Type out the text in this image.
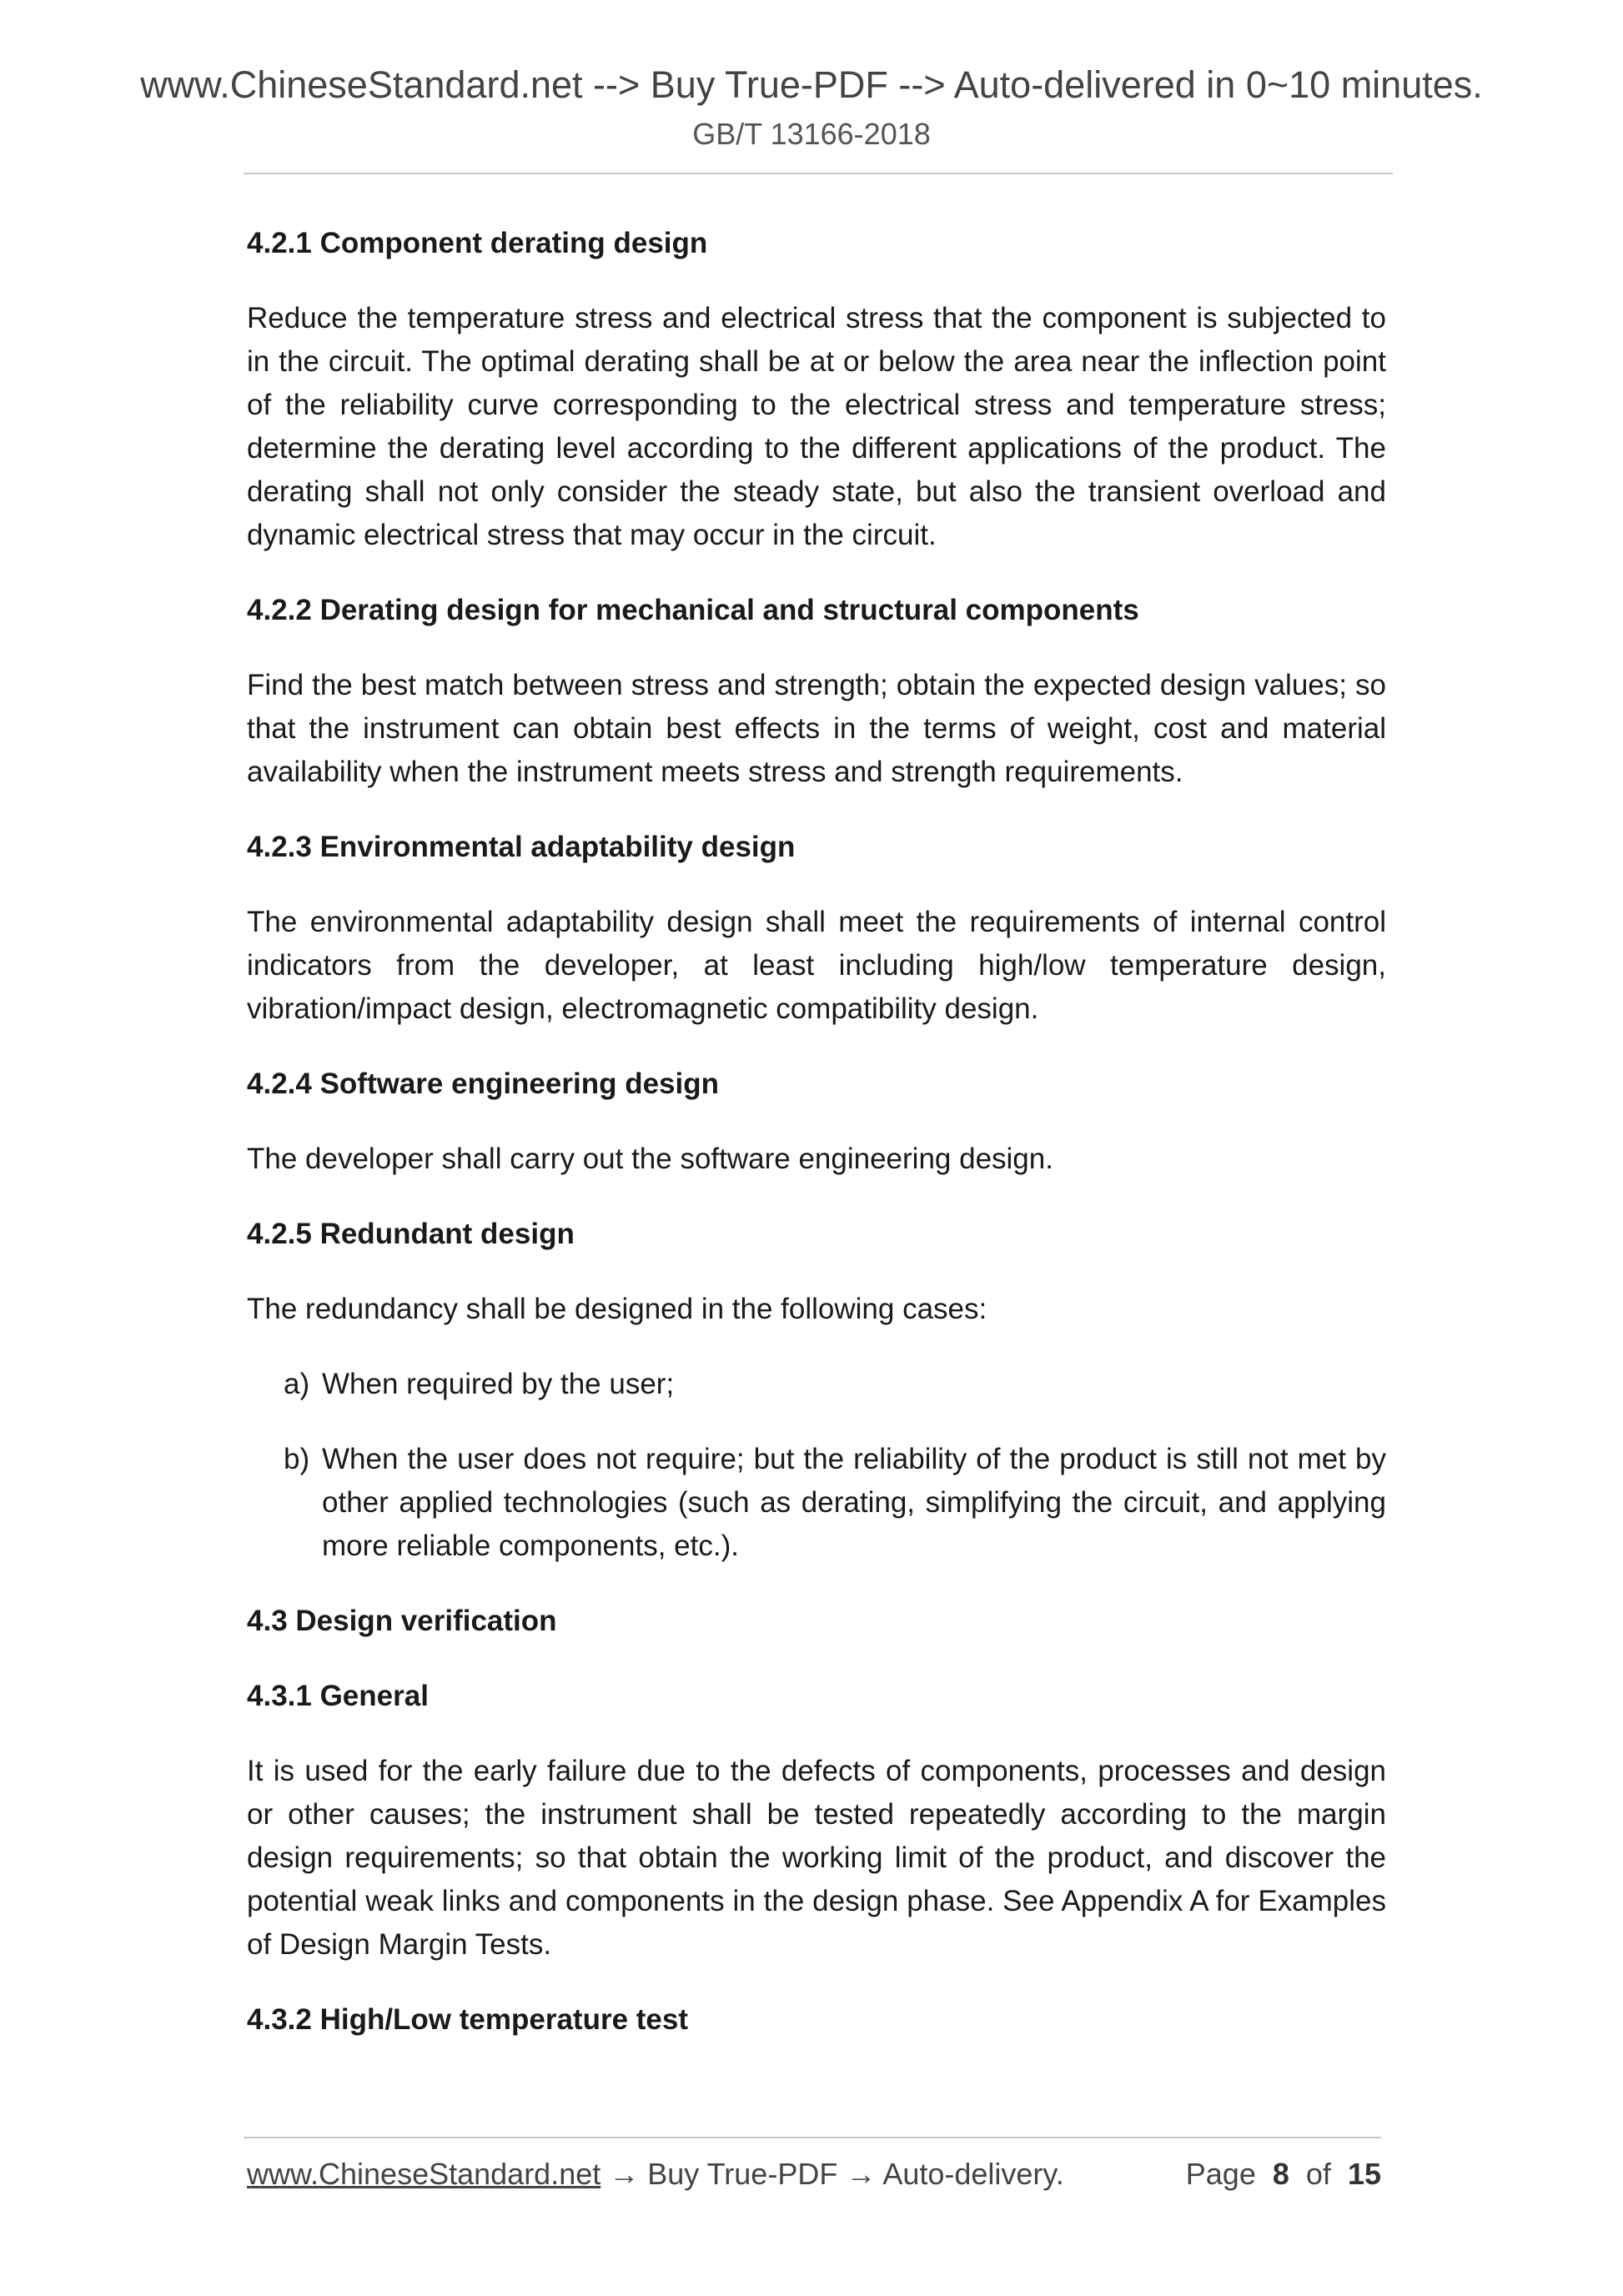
www.ChineseStandard.net --> Buy True-PDF --> Auto-delivered in 0~10 minutes.
GB/T 13166-2018
4.2.1 Component derating design

Reduce the temperature stress and electrical stress that the component is subjected to in the circuit. The optimal derating shall be at or below the area near the inflection point of the reliability curve corresponding to the electrical stress and temperature stress; determine the derating level according to the different applications of the product. The derating shall not only consider the steady state, but also the transient overload and dynamic electrical stress that may occur in the circuit.

4.2.2 Derating design for mechanical and structural components

Find the best match between stress and strength; obtain the expected design values; so that the instrument can obtain best effects in the terms of weight, cost and material availability when the instrument meets stress and strength requirements.

4.2.3 Environmental adaptability design

The environmental adaptability design shall meet the requirements of internal control indicators from the developer, at least including high/low temperature design, vibration/impact design, electromagnetic compatibility design.

4.2.4 Software engineering design

The developer shall carry out the software engineering design.

4.2.5 Redundant design

The redundancy shall be designed in the following cases:

a) When required by the user;
b) When the user does not require; but the reliability of the product is still not met by other applied technologies (such as derating, simplifying the circuit, and applying more reliable components, etc.).
4.3 Design verification
4.3.1 General

It is used for the early failure due to the defects of components, processes and design or other causes; the instrument shall be tested repeatedly according to the margin design requirements; so that obtain the working limit of the product, and discover the potential weak links and components in the design phase. See Appendix A for Examples of Design Margin Tests.

4.3.2 High/Low temperature test
www.ChineseStandard.net → Buy True-PDF → Auto-delivery.	Page 8 of 15
